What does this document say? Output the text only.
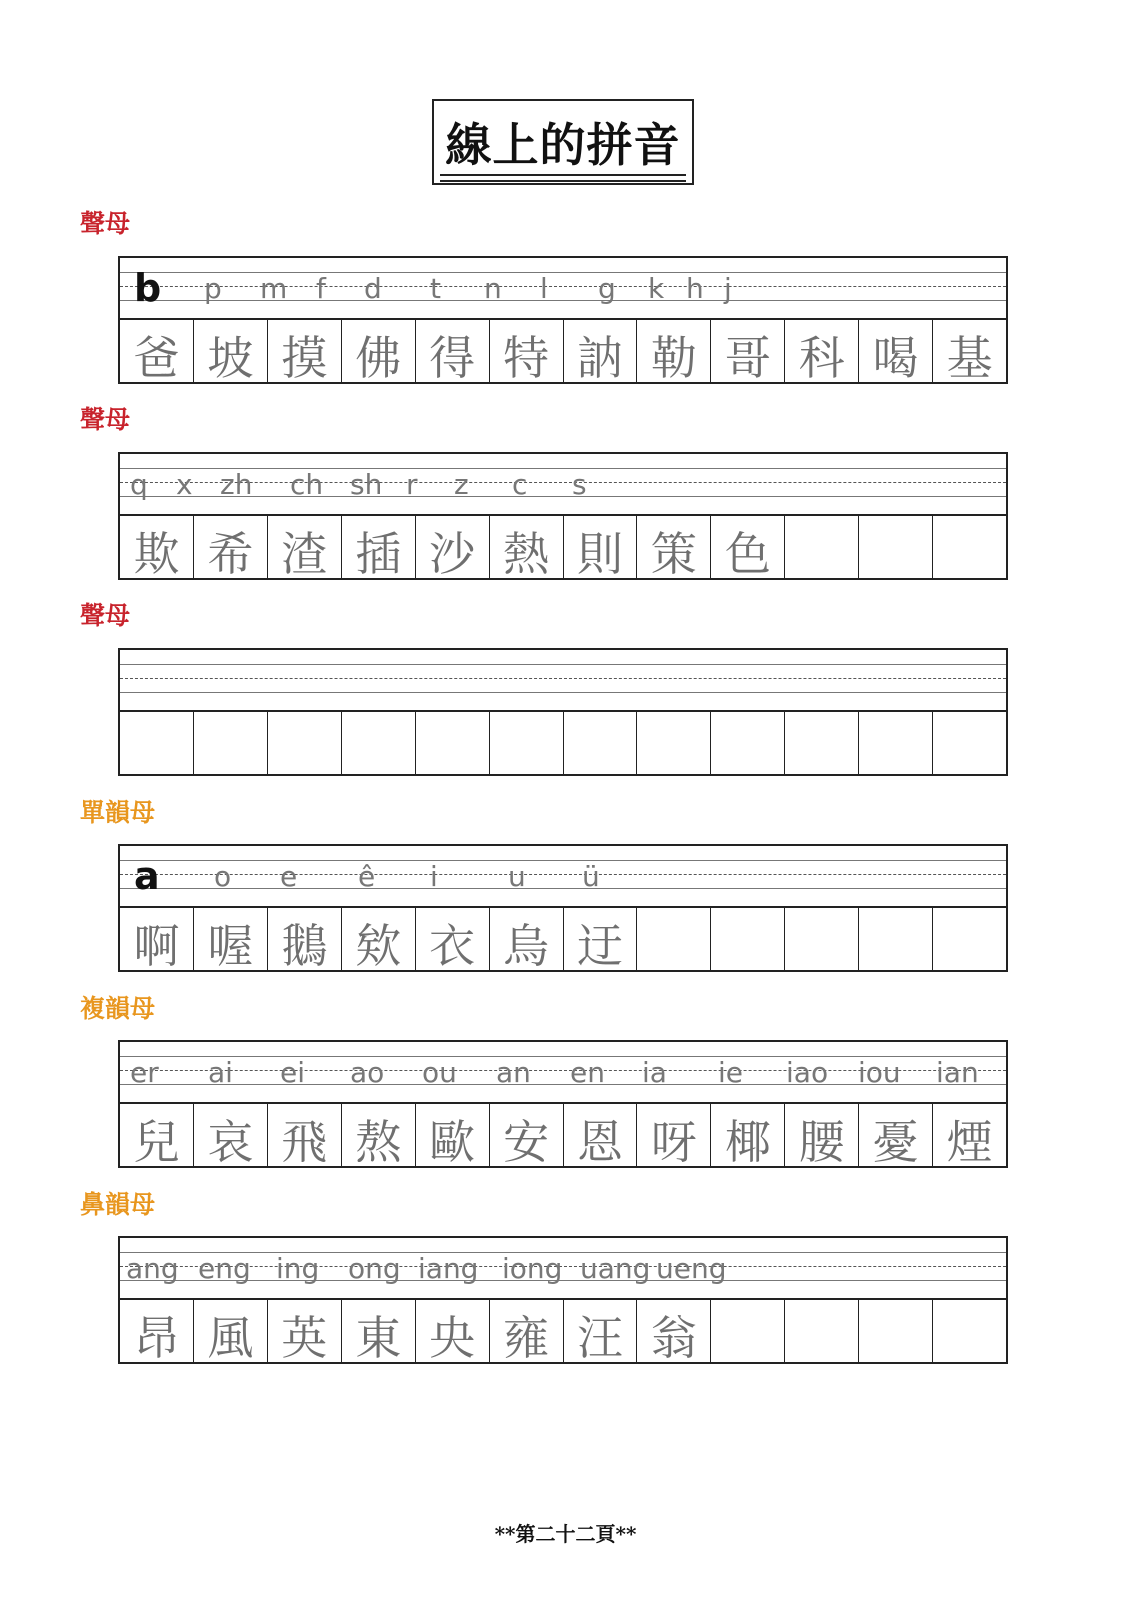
線上的拼音
聲母
b p m f d t n l g k h j
爸 坡 摸 佛 得 特 訥 勒 哥 科 喝 基
聲母
q x zh ch sh r z c s
欺 希 渣 插 沙 熱 則 策 色
聲母
單韻母
a o e ê i	u ü
啊 喔 鵝 欸 衣 烏 迂
複韻母
er ai ei ao ou an en ia ie iao iou ian
兒 哀 飛 熬 歐 安 恩 呀 椰 腰 憂 煙
鼻韻母
ang eng ing ong iang iong uang ueng
昂 風 英 東 央 雍 汪 翁
**第二十二頁**
